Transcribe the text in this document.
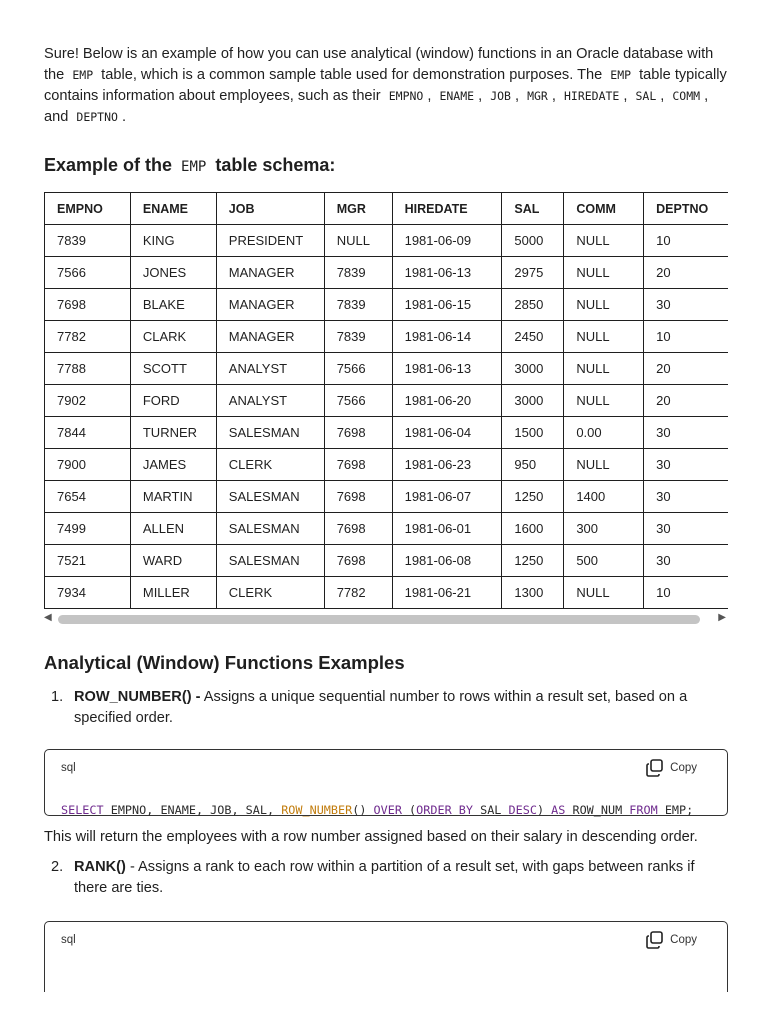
Sure! Below is an example of how you can use analytical (window) functions in an Oracle database with the EMP table, which is a common sample table used for demonstration purposes. The EMP table typically contains information about employees, such as their EMPNO , ENAME , JOB , MGR , HIREDATE , SAL , COMM , and DEPTNO .

Example of the EMP table schema:
EMPNO	ENAME	JOB	MGR	HIREDATE	SAL	COMM	DEPTNO
7839	KING	PRESIDENT	NULL	1981-06-09	5000	NULL	10
7566	JONES	MANAGER	7839	1981-06-13	2975	NULL	20
7698	BLAKE	MANAGER	7839	1981-06-15	2850	NULL	30
7782	CLARK	MANAGER	7839	1981-06-14	2450	NULL	10
7788	SCOTT	ANALYST	7566	1981-06-13	3000	NULL	20
7902	FORD	ANALYST	7566	1981-06-20	3000	NULL	20
7844	TURNER	SALESMAN	7698	1981-06-04	1500	0.00	30
7900	JAMES	CLERK	7698	1981-06-23	950	NULL	30
7654	MARTIN	SALESMAN	7698	1981-06-07	1250	1400	30
7499	ALLEN	SALESMAN	7698	1981-06-01	1600	300	30
7521	WARD	SALESMAN	7698	1981-06-08	1250	500	30
7934	MILLER	CLERK	7782	1981-06-21	1300	NULL	10
◀	▶
Analytical (Window) Functions Examples
1. ROW_NUMBER() - Assigns a unique sequential number to rows within a result set, based on a specified order.
sql	Copy
SELECT EMPNO, ENAME, JOB, SAL, ROW_NUMBER() OVER (ORDER BY SAL DESC) AS ROW_NUM FROM EMP;

This will return the employees with a row number assigned based on their salary in descending order.

2. RANK() - Assigns a rank to each row within a partition of a result set, with gaps between ranks if there are ties.
sql	Copy
